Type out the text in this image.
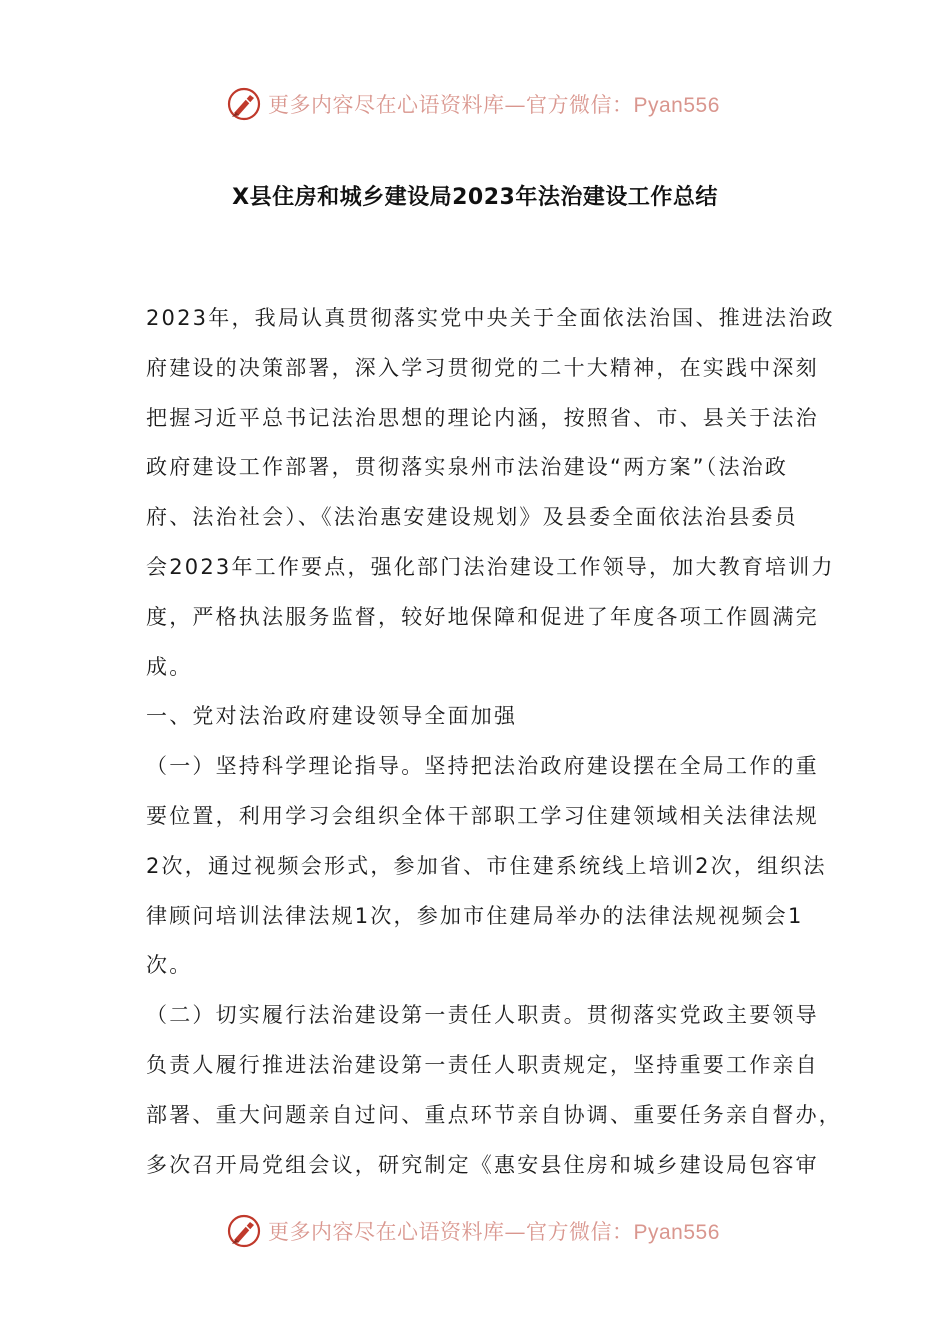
更多内容尽在心语资料库—官方微信：Pyan556
X县住房和城乡建设局2023年法治建设工作总结
2023年，我局认真贯彻落实党中央关于全面依法治国、推进法治政
府建设的决策部署，深入学习贯彻党的二十大精神，在实践中深刻
把握习近平总书记法治思想的理论内涵，按照省、市、县关于法治
政府建设工作部署，贯彻落实泉州市法治建设“两方案”（法治政
府、法治社会）、《法治惠安建设规划》及县委全面依法治县委员
会2023年工作要点，强化部门法治建设工作领导，加大教育培训力
度，严格执法服务监督，较好地保障和促进了年度各项工作圆满完
成。
一、党对法治政府建设领导全面加强
（一）坚持科学理论指导。坚持把法治政府建设摆在全局工作的重
要位置，利用学习会组织全体干部职工学习住建领域相关法律法规
2次，通过视频会形式，参加省、市住建系统线上培训2次，组织法
律顾问培训法律法规1次，参加市住建局举办的法律法规视频会1
次。
（二）切实履行法治建设第一责任人职责。贯彻落实党政主要领导
负责人履行推进法治建设第一责任人职责规定，坚持重要工作亲自
部署、重大问题亲自过问、重点环节亲自协调、重要任务亲自督办，
多次召开局党组会议，研究制定《惠安县住房和城乡建设局包容审
更多内容尽在心语资料库—官方微信：Pyan556
